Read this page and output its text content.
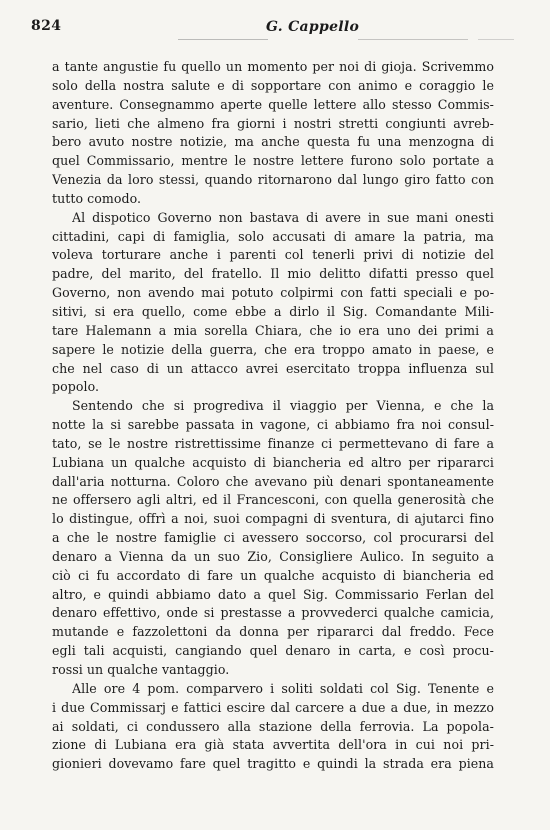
824	G. Cappello

a tante angustie fu quello un momento per noi di gioja. Scrivemmo
solo della nostra salute e di sopportare con animo e coraggio le
aventure. Consegnammo aperte quelle lettere allo stesso Commis-
sario, lieti che almeno fra giorni i nostri stretti congiunti avreb-
bero avuto nostre notizie, ma anche questa fu una menzogna di
quel Commissario, mentre le nostre lettere furono solo portate a
Venezia da loro stessi, quando ritornarono dal lungo giro fatto con
tutto comodo.

Al dispotico Governo non bastava di avere in sue mani onesti
cittadini, capi di famiglia, solo accusati di amare la patria, ma
voleva torturare anche i parenti col tenerli privi di notizie del
padre, del marito, del fratello. Il mio delitto difatti presso quel
Governo, non avendo mai potuto colpirmi con fatti speciali e po-
sitivi, si era quello, come ebbe a dirlo il Sig. Comandante Mili-
tare Halemann a mia sorella Chiara, che io era uno dei primi a
sapere le notizie della guerra, che era troppo amato in paese, e
che nel caso di un attacco avrei esercitato troppa influenza sul
popolo.

Sentendo che si progrediva il viaggio per Vienna, e che la
notte la si sarebbe passata in vagone, ci abbiamo fra noi consul-
tato, se le nostre ristrettissime finanze ci permettevano di fare a
Lubiana un qualche acquisto di biancheria ed altro per ripararci
dall'aria notturna. Coloro che avevano più denari spontaneamente
ne offersero agli altri, ed il Francesconi, con quella generosità che
lo distingue, offrì a noi, suoi compagni di sventura, di ajutarci fino
a che le nostre famiglie ci avessero soccorso, col procurarsi del
denaro a Vienna da un suo Zio, Consigliere Aulico. In seguito a
ciò ci fu accordato di fare un qualche acquisto di biancheria ed
altro, e quindi abbiamo dato a quel Sig. Commissario Ferlan del
denaro effettivo, onde si prestasse a provvederci qualche camicia,
mutande e fazzolettoni da donna per ripararci dal freddo. Fece
egli tali acquisti, cangiando quel denaro in carta, e così procu-
rossi un qualche vantaggio.

Alle ore 4 pom. comparvero i soliti soldati col Sig. Tenente e
i due Commissarj e fattici escire dal carcere a due a due, in mezzo
ai soldati, ci condussero alla stazione della ferrovia. La popola-
zione di Lubiana era già stata avvertita dell'ora in cui noi pri-
gionieri dovevamo fare quel tragitto e quindi la strada era piena
